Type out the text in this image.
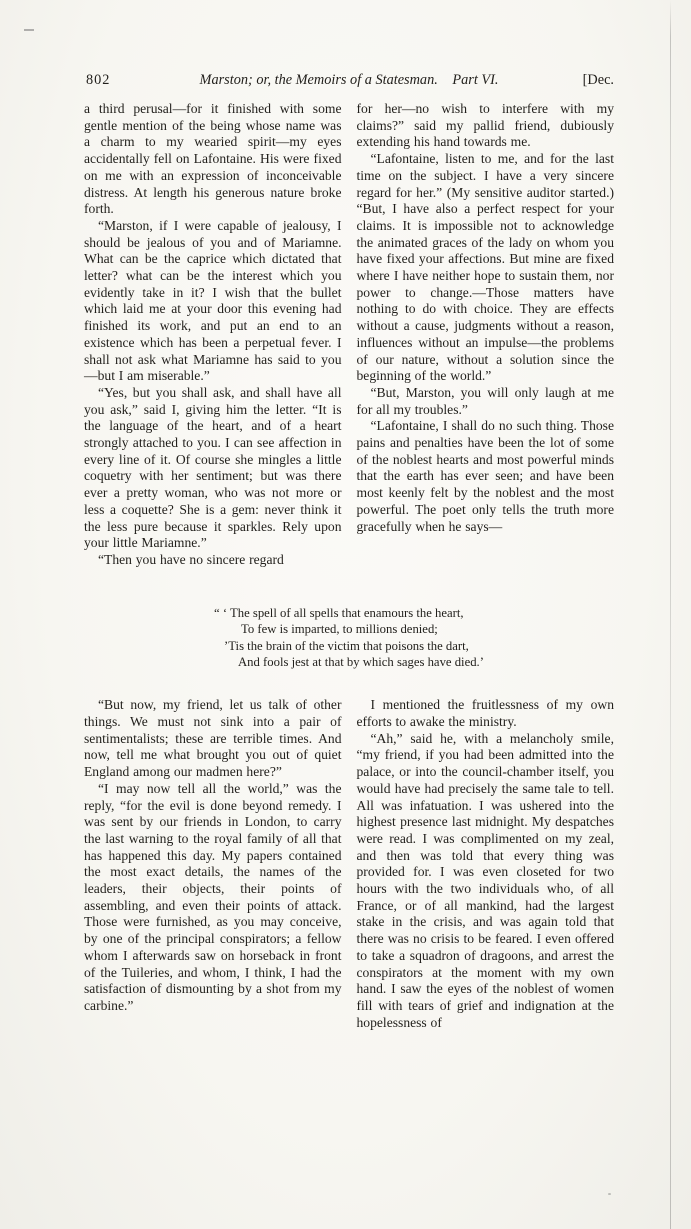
802	Marston; or, the Memoirs of a Statesman. Part VI.	[Dec.

a third perusal—for it finished with some gentle mention of the being whose name was a charm to my wearied spirit—my eyes accidentally fell on Lafontaine. His were fixed on me with an expression of inconceivable distress. At length his generous nature broke forth.

“Marston, if I were capable of jealousy, I should be jealous of you and of Mariamne. What can be the caprice which dictated that letter? what can be the interest which you evidently take in it? I wish that the bullet which laid me at your door this evening had finished its work, and put an end to an existence which has been a perpetual fever. I shall not ask what Mariamne has said to you—but I am miserable.”

“Yes, but you shall ask, and shall have all you ask,” said I, giving him the letter. “It is the language of the heart, and of a heart strongly attached to you. I can see affection in every line of it. Of course she mingles a little coquetry with her sentiment; but was there ever a pretty woman, who was not more or less a coquette? She is a gem: never think it the less pure because it sparkles. Rely upon your little Mariamne.”

“Then you have no sincere regard

for her—no wish to interfere with my claims?” said my pallid friend, dubiously extending his hand towards me.

“Lafontaine, listen to me, and for the last time on the subject. I have a very sincere regard for her.” (My sensitive auditor started.) “But, I have also a perfect respect for your claims. It is impossible not to acknowledge the animated graces of the lady on whom you have fixed your affections. But mine are fixed where I have neither hope to sustain them, nor power to change.—Those matters have nothing to do with choice. They are effects without a cause, judgments without a reason, influences without an impulse—the problems of our nature, without a solution since the beginning of the world.”

“But, Marston, you will only laugh at me for all my troubles.”

“Lafontaine, I shall do no such thing. Those pains and penalties have been the lot of some of the noblest hearts and most powerful minds that the earth has ever seen; and have been most keenly felt by the noblest and the most powerful. The poet only tells the truth more gracefully when he says—

“ ‘ The spell of all spells that enamours the heart,
To few is imparted, to millions denied;
’Tis the brain of the victim that poisons the dart,
And fools jest at that by which sages have died.’

“But now, my friend, let us talk of other things. We must not sink into a pair of sentimentalists; these are terrible times. And now, tell me what brought you out of quiet England among our madmen here?”

“I may now tell all the world,” was the reply, “for the evil is done beyond remedy. I was sent by our friends in London, to carry the last warning to the royal family of all that has happened this day. My papers contained the most exact details, the names of the leaders, their objects, their points of assembling, and even their points of attack. Those were furnished, as you may conceive, by one of the principal conspirators; a fellow whom I afterwards saw on horseback in front of the Tuileries, and whom, I think, I had the satisfaction of dismounting by a shot from my carbine.”

I mentioned the fruitlessness of my own efforts to awake the ministry.

“Ah,” said he, with a melancholy smile, “my friend, if you had been admitted into the palace, or into the council-chamber itself, you would have had precisely the same tale to tell. All was infatuation. I was ushered into the highest presence last midnight. My despatches were read. I was complimented on my zeal, and then was told that every thing was provided for. I was even closeted for two hours with the two individuals who, of all France, or of all mankind, had the largest stake in the crisis, and was again told that there was no crisis to be feared. I even offered to take a squadron of dragoons, and arrest the conspirators at the moment with my own hand. I saw the eyes of the noblest of women fill with tears of grief and indignation at the hopelessness of
